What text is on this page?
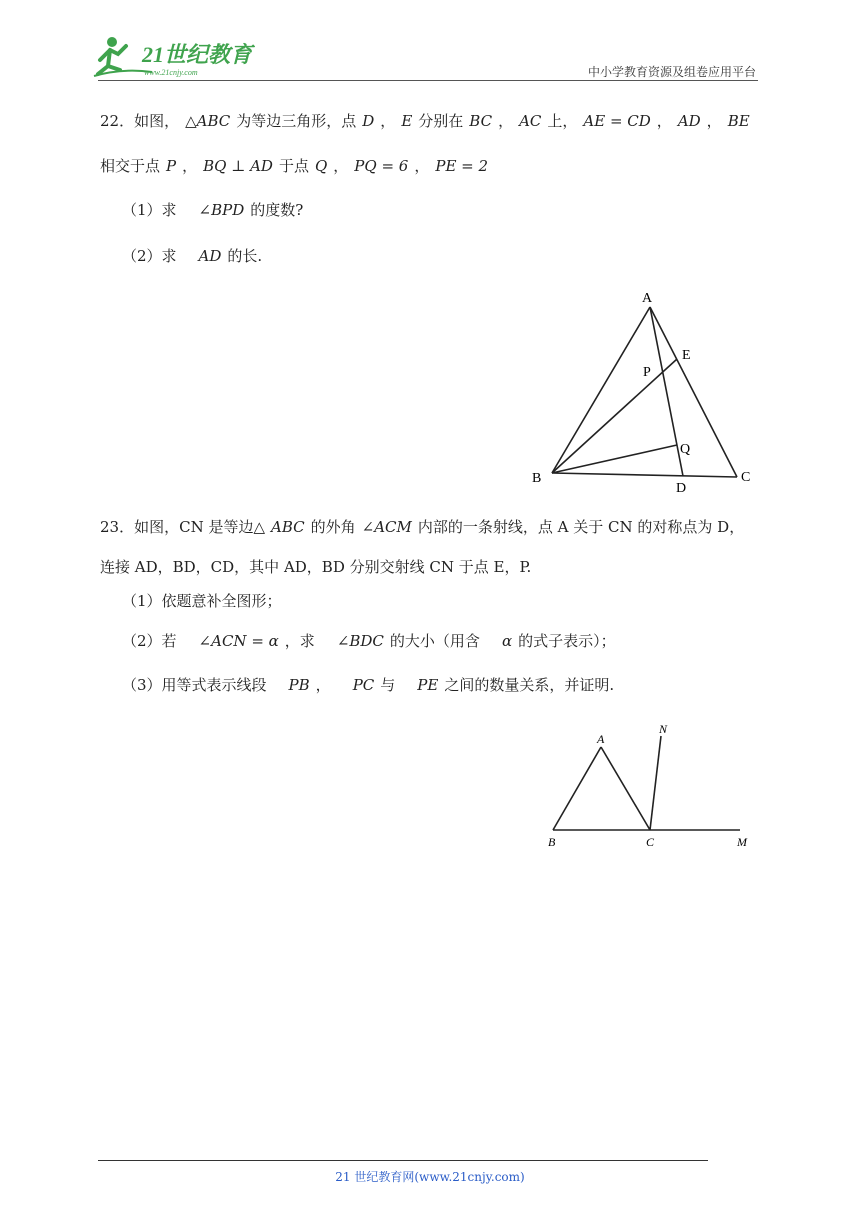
21世纪教育
www.21cnjy.com	中小学教育资源及组卷应用平台
22．如图， △ABC 为等边三角形，点 D ， E 分别在 BC ， AC 上， AE = CD ， AD ， BE
相交于点 P ， BQ ⊥ AD 于点 Q ， PQ = 6 ， PE = 2
（1）求 ∠BPD 的度数?
（2）求 AD 的长.
A
B	C
D
E
P
Q
23．如图，CN 是等边△ ABC 的外角 ∠ACM 内部的一条射线，点 A 关于 CN 的对称点为 D，
连接 AD，BD，CD，其中 AD，BD 分别交射线 CN 于点 E，P.
（1）依题意补全图形；
（2）若 ∠ACN = α ，求 ∠BDC 的大小（用含 α 的式子表示）；
（3）用等式表示线段 PB ， PC 与 PE 之间的数量关系，并证明.
A
B	C	M
N
21 世纪教育网(www.21cnjy.com)
